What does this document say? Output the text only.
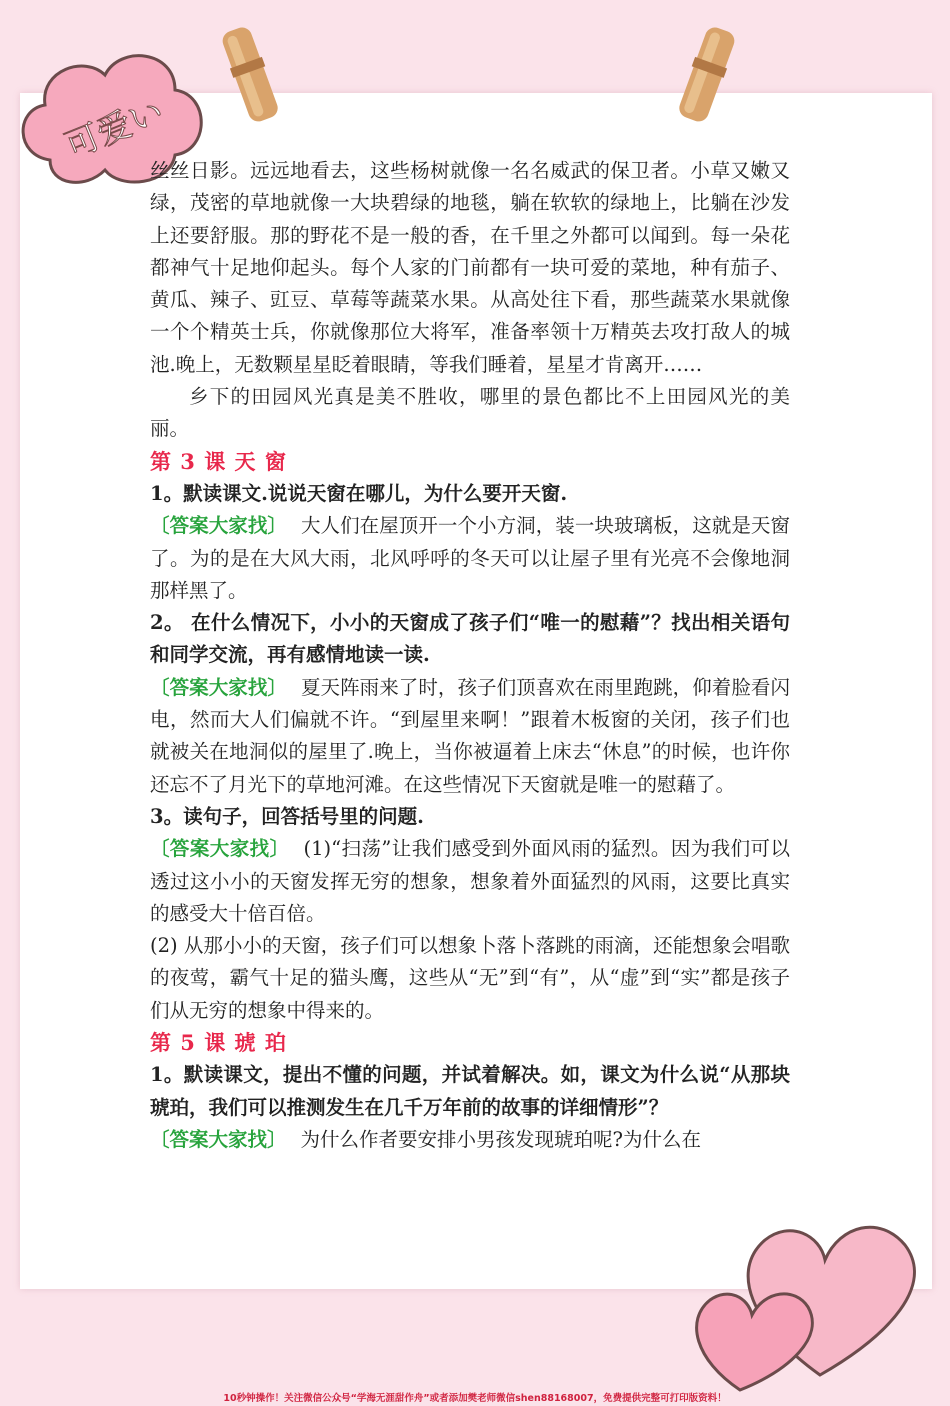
可爱い

丝丝日影。远远地看去，这些杨树就像一名名威武的保卫者。小草又嫩又绿，茂密的草地就像一大块碧绿的地毯，躺在软软的绿地上，比躺在沙发上还要舒服。那的野花不是一般的香，在千里之外都可以闻到。每一朵花都神气十足地仰起头。每个人家的门前都有一块可爱的菜地，种有茄子、黄瓜、辣子、豇豆、草莓等蔬菜水果。从高处往下看，那些蔬菜水果就像一个个精英士兵，你就像那位大将军，准备率领十万精英去攻打敌人的城池.晚上，无数颗星星眨着眼睛，等我们睡着，星星才肯离开……

乡下的田园风光真是美不胜收，哪里的景色都比不上田园风光的美丽。

第 3 课 天 窗

1。默读课文.说说天窗在哪儿，为什么要开天窗.

〔答案大家找〕 大人们在屋顶开一个小方洞，装一块玻璃板，这就是天窗了。为的是在大风大雨，北风呼呼的冬天可以让屋子里有光亮不会像地洞那样黑了。

2。 在什么情况下，小小的天窗成了孩子们“唯一的慰藉”？找出相关语句和同学交流，再有感情地读一读.

〔答案大家找〕 夏天阵雨来了时，孩子们顶喜欢在雨里跑跳，仰着脸看闪电，然而大人们偏就不许。“到屋里来啊！”跟着木板窗的关闭，孩子们也就被关在地洞似的屋里了.晚上，当你被逼着上床去“休息”的时候，也许你还忘不了月光下的草地河滩。在这些情况下天窗就是唯一的慰藉了。

3。读句子，回答括号里的问题.

〔答案大家找〕 (1)“扫荡”让我们感受到外面风雨的猛烈。因为我们可以透过这小小的天窗发挥无穷的想象，想象着外面猛烈的风雨，这要比真实的感受大十倍百倍。

(2) 从那小小的天窗，孩子们可以想象卜落卜落跳的雨滴，还能想象会唱歌的夜莺，霸气十足的猫头鹰，这些从“无”到“有”，从“虚”到“实”都是孩子们从无穷的想象中得来的。

第 5 课 琥 珀

1。默读课文，提出不懂的问题，并试着解决。如，课文为什么说“从那块琥珀，我们可以推测发生在几千万年前的故事的详细情形”？

〔答案大家找〕 为什么作者要安排小男孩发现琥珀呢?为什么在

10秒钟操作！关注微信公众号“学海无涯甜作舟”或者添加樊老师微信shen88168007，免费提供完整可打印版资料！
